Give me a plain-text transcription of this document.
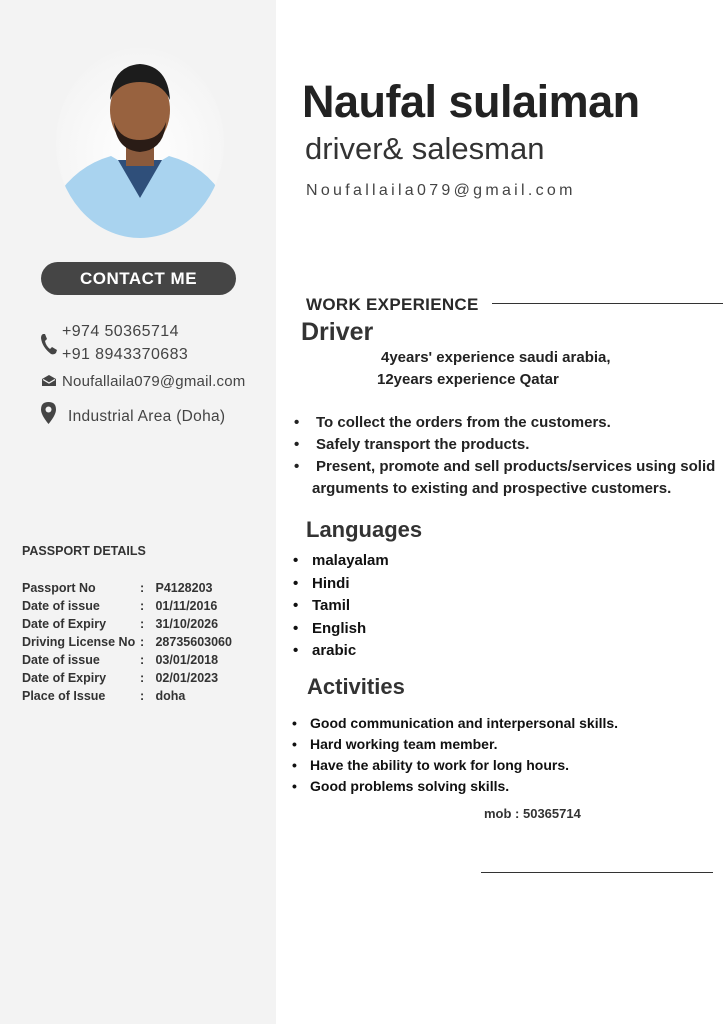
CONTACT ME
+974 50365714
+91 8943370683
Noufallaila079@gmail.com
Industrial Area (Doha)
PASSPORT DETAILS
Passport No	: P4128203
Date of issue	: 01/11/2016
Date of Expiry	: 31/10/2026
Driving License No : 28735603060
Date of issue	: 03/01/2018
Date of Expiry	: 02/01/2023
Place of Issue	: doha
Naufal sulaiman
driver& salesman
Noufallaila079@gmail.com
WORK EXPERIENCE
Driver
4years' experience saudi arabia,
12years experience Qatar
• To collect the orders from the customers.
• Safely transport the products.
• Present, promote and sell products/services using solid
arguments to existing and prospective customers.
Languages
• malayalam
• Hindi
• Tamil
• English
• arabic
Activities
• Good communication and interpersonal skills.
• Hard working team member.
• Have the ability to work for long hours.
• Good problems solving skills.
mob : 50365714
